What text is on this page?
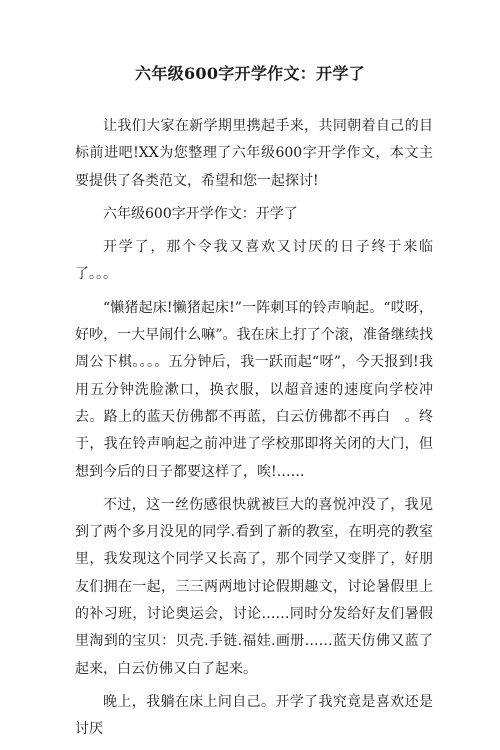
六年级600字开学作文：开学了

让我们大家在新学期里携起手来，共同朝着自己的目标前进吧!XX为您整理了六年级600字开学作文，本文主要提供了各类范文，希望和您一起探讨!

六年级600字开学作文：开学了

开学了，那个令我又喜欢又讨厌的日子终于来临了。。。

“懒猪起床!懒猪起床!”一阵刺耳的铃声响起。“哎呀，好吵，一大早闹什么嘛”。我在床上打了个滚，准备继续找周公下棋。。。。五分钟后，我一跃而起“呀”，今天报到!我用五分钟洗脸漱口，换衣服，以超音速的速度向学校冲去。路上的蓝天仿佛都不再蓝，白云仿佛都不再白　。终于，我在铃声响起之前冲进了学校那即将关闭的大门，但想到今后的日子都要这样了，唉!……

不过，这一丝伤感很快就被巨大的喜悦冲没了，我见到了两个多月没见的同学.看到了新的教室，在明亮的教室里，我发现这个同学又长高了，那个同学又变胖了，好朋友们拥在一起，三三两两地讨论假期趣文，讨论暑假里上的补习班，讨论奥运会，讨论……同时分发给好友们暑假里淘到的宝贝：贝壳.手链.福娃.画册……蓝天仿佛又蓝了起来，白云仿佛又白了起来。

晚上，我躺在床上问自己。开学了我究竟是喜欢还是讨厌
